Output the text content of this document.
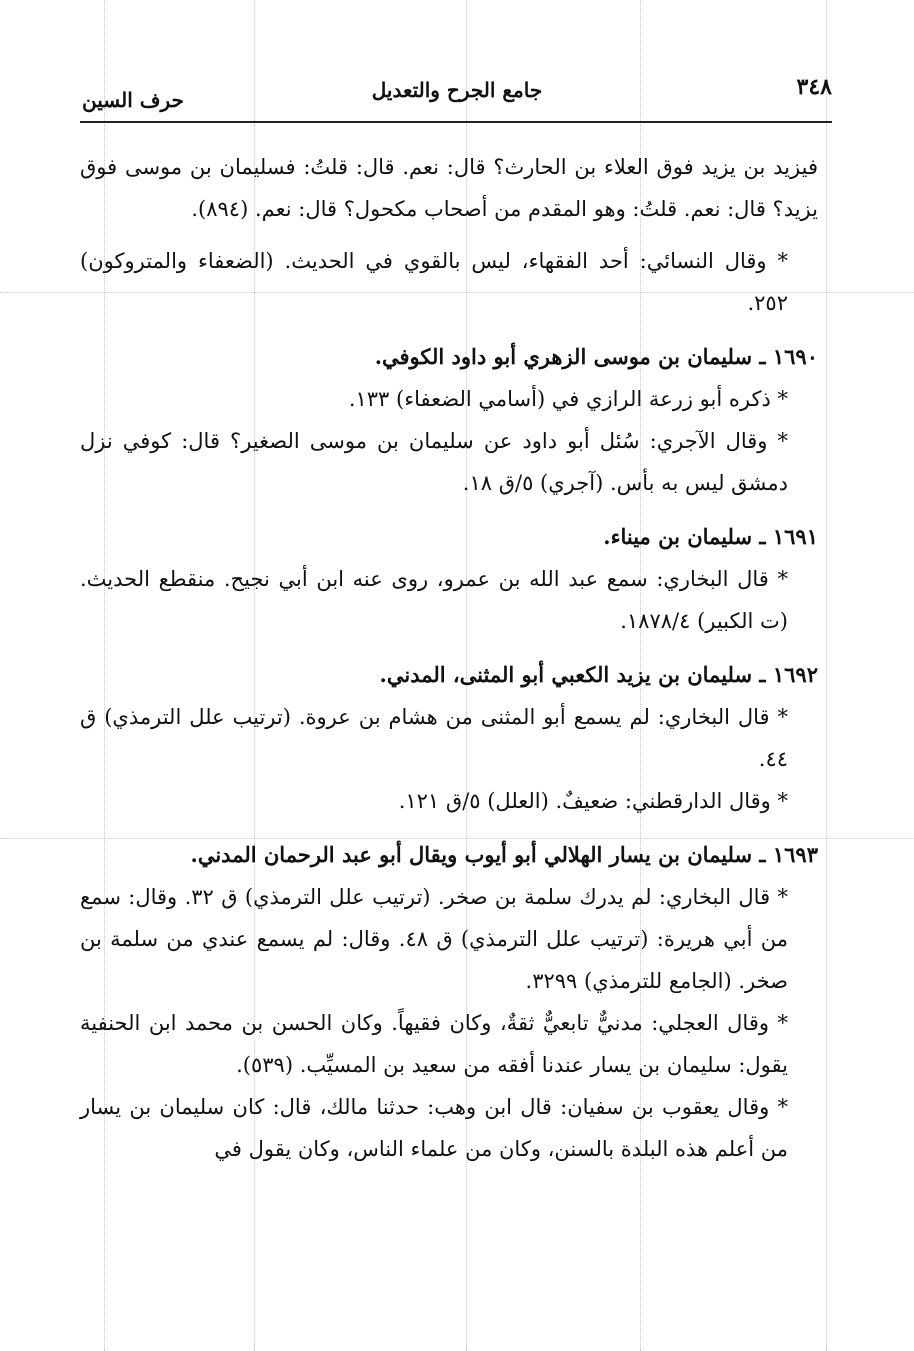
٣٤٨
جامع الجرح والتعديل
حرف السين

فيزيد بن يزيد فوق العلاء بن الحارث؟ قال: نعم. قال: قلتُ: فسليمان بن موسى فوق يزيد؟ قال: نعم. قلتُ: وهو المقدم من أصحاب مكحول؟ قال: نعم. (٨٩٤).

* وقال النسائي: أحد الفقهاء، ليس بالقوي في الحديث. (الضعفاء والمتروكون) ٢٥٢.

١٦٩٠ ـ سليمان بن موسى الزهري أبو داود الكوفي.

* ذكره أبو زرعة الرازي في (أسامي الضعفاء) ١٣٣.

* وقال الآجري: سُئل أبو داود عن سليمان بن موسى الصغير؟ قال: كوفي نزل دمشق ليس به بأس. (آجري) ٥/ق ١٨.

١٦٩١ ـ سليمان بن ميناء.

* قال البخاري: سمع عبد الله بن عمرو، روى عنه ابن أبي نجيح. منقطع الحديث. (ت الكبير) ١٨٧٨/٤.

١٦٩٢ ـ سليمان بن يزيد الكعبي أبو المثنى، المدني.

* قال البخاري: لم يسمع أبو المثنى من هشام بن عروة. (ترتيب علل الترمذي) ق ٤٤.

* وقال الدارقطني: ضعيفٌ. (العلل) ٥/ق ١٢١.

١٦٩٣ ـ سليمان بن يسار الهلالي أبو أيوب ويقال أبو عبد الرحمان المدني.

* قال البخاري: لم يدرك سلمة بن صخر. (ترتيب علل الترمذي) ق ٣٢. وقال: سمع من أبي هريرة: (ترتيب علل الترمذي) ق ٤٨. وقال: لم يسمع عندي من سلمة بن صخر. (الجامع للترمذي) ٣٢٩٩.

* وقال العجلي: مدنيٌّ تابعيٌّ ثقةٌ، وكان فقيهاً. وكان الحسن بن محمد ابن الحنفية يقول: سليمان بن يسار عندنا أفقه من سعيد بن المسيِّب. (٥٣٩).

* وقال يعقوب بن سفيان: قال ابن وهب: حدثنا مالك، قال: كان سليمان بن يسار من أعلم هذه البلدة بالسنن، وكان من علماء الناس، وكان يقول في
